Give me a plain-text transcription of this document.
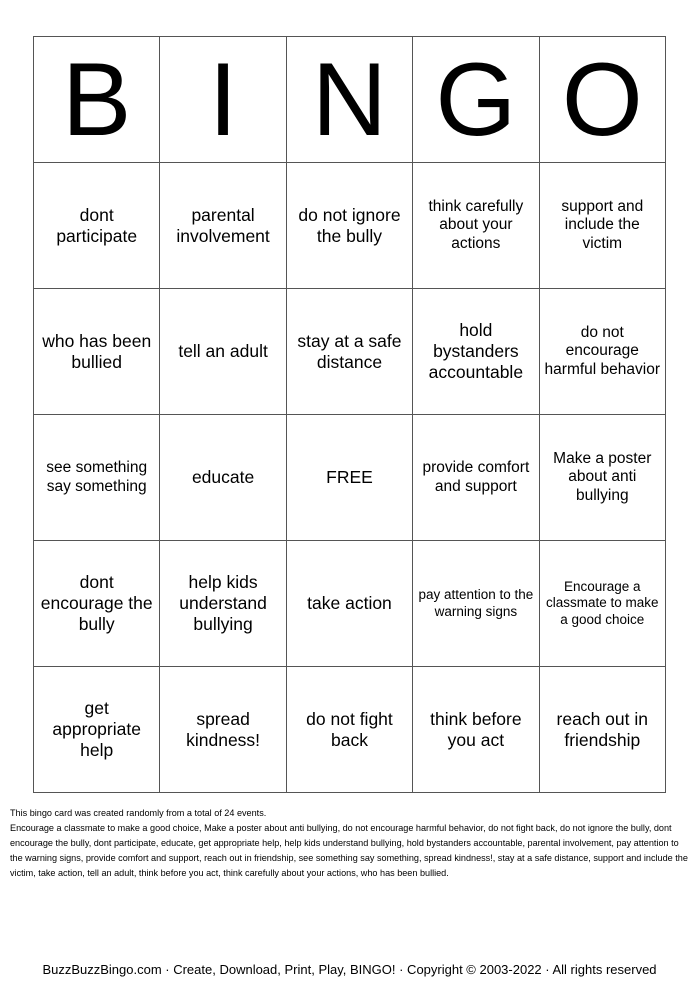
B	I	N	G	O
dont participate	parental involvement	do not ignore the bully	think carefully about your actions	support and include the victim
who has been bullied	tell an adult	stay at a safe distance	hold bystanders accountable	do not encourage harmful behavior
see something say something	educate	FREE	provide comfort and support	Make a poster about anti bullying
dont encourage the bully	help kids understand bullying	take action	pay attention to the warning signs	Encourage a classmate to make a good choice
get appropriate help	spread kindness!	do not fight back	think before you act	reach out in friendship
This bingo card was created randomly from a total of 24 events.
Encourage a classmate to make a good choice, Make a poster about anti bullying, do not encourage harmful behavior, do not fight back, do not ignore the bully, dont encourage the bully, dont participate, educate, get appropriate help, help kids understand bullying, hold bystanders accountable, parental involvement, pay attention to the warning signs, provide comfort and support, reach out in friendship, see something say something, spread kindness!, stay at a safe distance, support and include the victim, take action, tell an adult, think before you act, think carefully about your actions, who has been bullied.
BuzzBuzzBingo.com · Create, Download, Print, Play, BINGO! · Copyright © 2003-2022 · All rights reserved
